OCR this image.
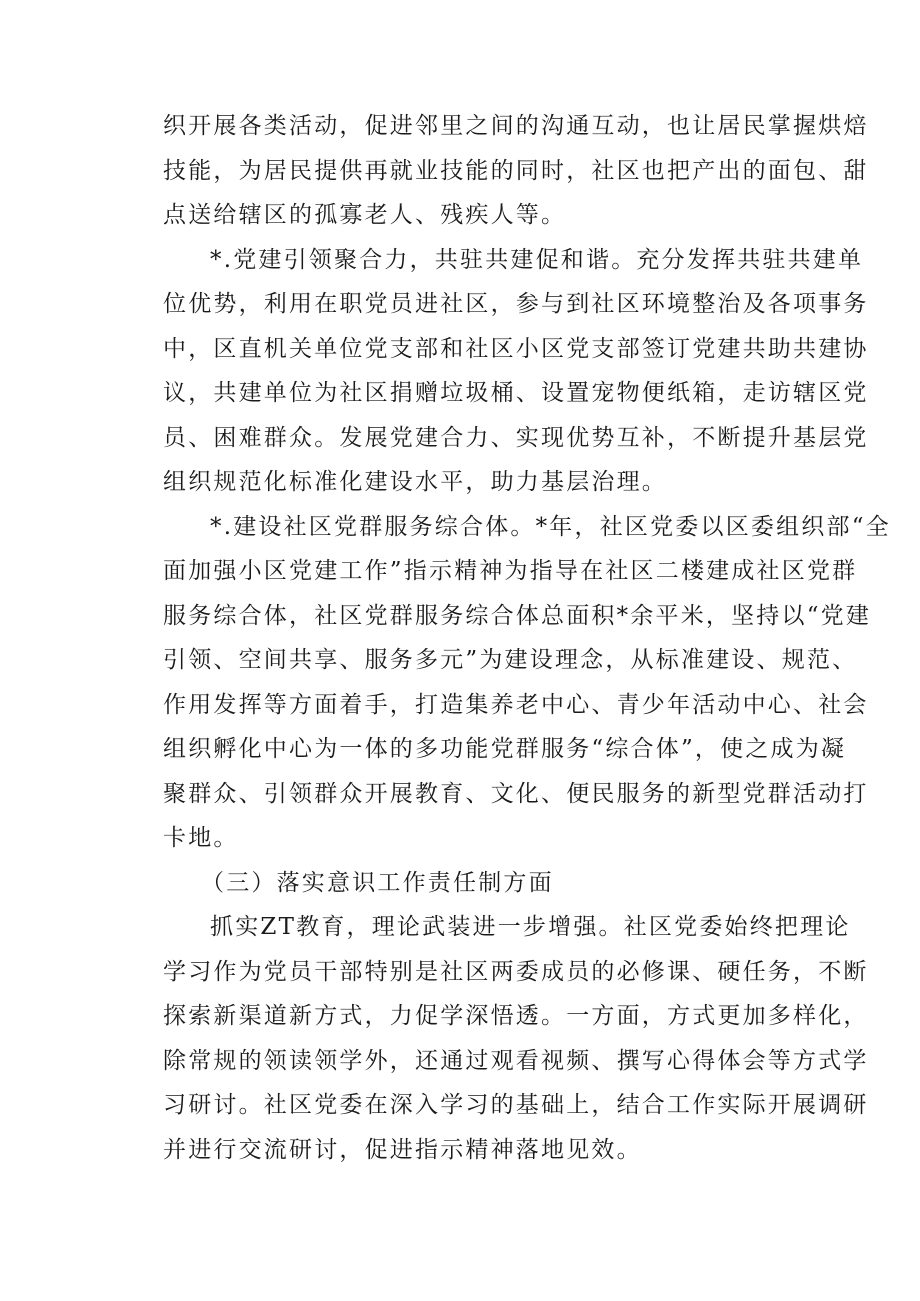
织开展各类活动，促进邻里之间的沟通互动，也让居民掌握烘焙
技能，为居民提供再就业技能的同时，社区也把产出的面包、甜
点送给辖区的孤寡老人、残疾人等。
*.党建引领聚合力，共驻共建促和谐。充分发挥共驻共建单
位优势，利用在职党员进社区，参与到社区环境整治及各项事务
中，区直机关单位党支部和社区小区党支部签订党建共助共建协
议，共建单位为社区捐赠垃圾桶、设置宠物便纸箱，走访辖区党
员、困难群众。发展党建合力、实现优势互补，不断提升基层党
组织规范化标准化建设水平，助力基层治理。
*.建设社区党群服务综合体。*年，社区党委以区委组织部“全
面加强小区党建工作”指示精神为指导在社区二楼建成社区党群
服务综合体，社区党群服务综合体总面积*余平米，坚持以“党建
引领、空间共享、服务多元”为建设理念，从标准建设、规范、
作用发挥等方面着手，打造集养老中心、青少年活动中心、社会
组织孵化中心为一体的多功能党群服务“综合体”，使之成为凝
聚群众、引领群众开展教育、文化、便民服务的新型党群活动打
卡地。
（三）落实意识工作责任制方面
抓实ZT教育，理论武装进一步增强。社区党委始终把理论
学习作为党员干部特别是社区两委成员的必修课、硬任务，不断
探索新渠道新方式，力促学深悟透。一方面，方式更加多样化，
除常规的领读领学外，还通过观看视频、撰写心得体会等方式学
习研讨。社区党委在深入学习的基础上，结合工作实际开展调研
并进行交流研讨，促进指示精神落地见效。
